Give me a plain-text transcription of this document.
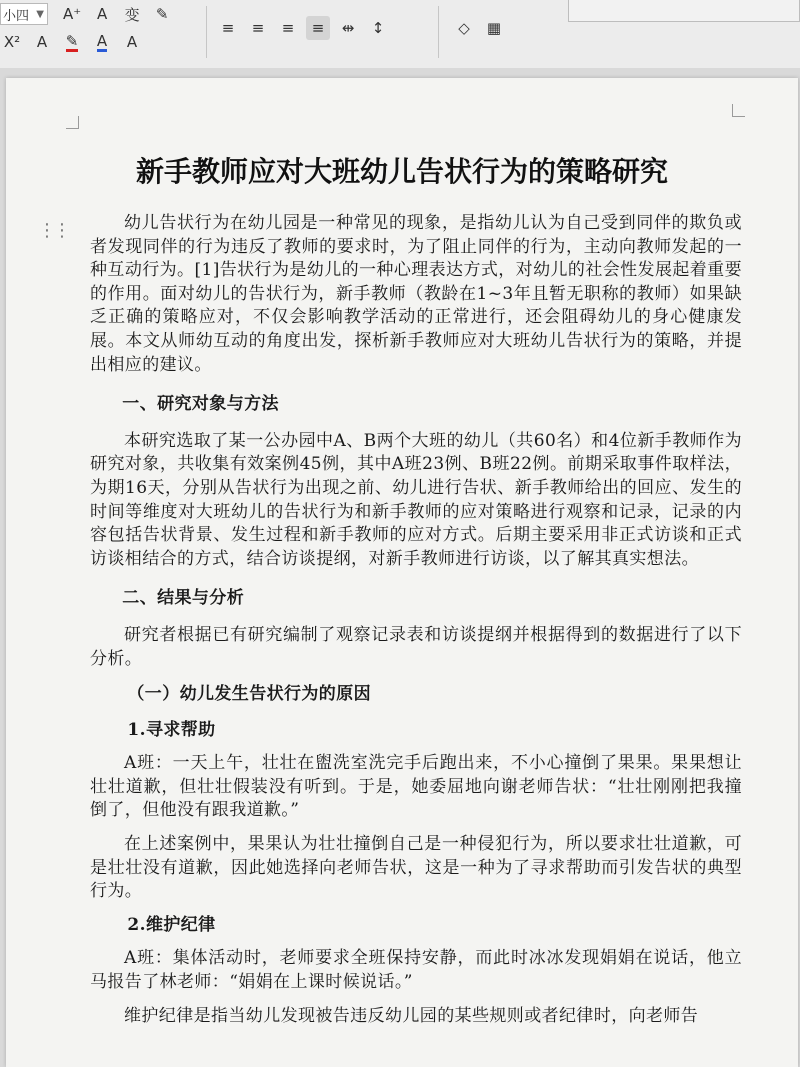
小四 ▼ A⁺	A	变	✎
X²	A	✎ A	A
≡	≡	≡	≡	⇹	↕	◇	▦
⋮⋮
新手教师应对大班幼儿告状行为的策略研究

幼儿告状行为在幼儿园是一种常见的现象，是指幼儿认为自己受到同伴的欺负或者发现同伴的行为违反了教师的要求时，为了阻止同伴的行为，主动向教师发起的一种互动行为。[1]告状行为是幼儿的一种心理表达方式，对幼儿的社会性发展起着重要的作用。面对幼儿的告状行为，新手教师（教龄在1~3年且暂无职称的教师）如果缺乏正确的策略应对，不仅会影响教学活动的正常进行，还会阻碍幼儿的身心健康发展。本文从师幼互动的角度出发，探析新手教师应对大班幼儿告状行为的策略，并提出相应的建议。

一、研究对象与方法

本研究选取了某一公办园中A、B两个大班的幼儿（共60名）和4位新手教师作为研究对象，共收集有效案例45例，其中A班23例、B班22例。前期采取事件取样法，为期16天，分别从告状行为出现之前、幼儿进行告状、新手教师给出的回应、发生的时间等维度对大班幼儿的告状行为和新手教师的应对策略进行观察和记录，记录的内容包括告状背景、发生过程和新手教师的应对方式。后期主要采用非正式访谈和正式访谈相结合的方式，结合访谈提纲，对新手教师进行访谈，以了解其真实想法。

二、结果与分析

研究者根据已有研究编制了观察记录表和访谈提纲并根据得到的数据进行了以下分析。

（一）幼儿发生告状行为的原因
1.寻求帮助

A班：一天上午，壮壮在盥洗室洗完手后跑出来，不小心撞倒了果果。果果想让壮壮道歉，但壮壮假装没有听到。于是，她委屈地向谢老师告状：“壮壮刚刚把我撞倒了，但他没有跟我道歉。”

在上述案例中，果果认为壮壮撞倒自己是一种侵犯行为，所以要求壮壮道歉，可是壮壮没有道歉，因此她选择向老师告状，这是一种为了寻求帮助而引发告状的典型行为。

2.维护纪律

A班：集体活动时，老师要求全班保持安静，而此时冰冰发现娟娟在说话，他立马报告了林老师：“娟娟在上课时候说话。”

维护纪律是指当幼儿发现被告违反幼儿园的某些规则或者纪律时，向老师告
